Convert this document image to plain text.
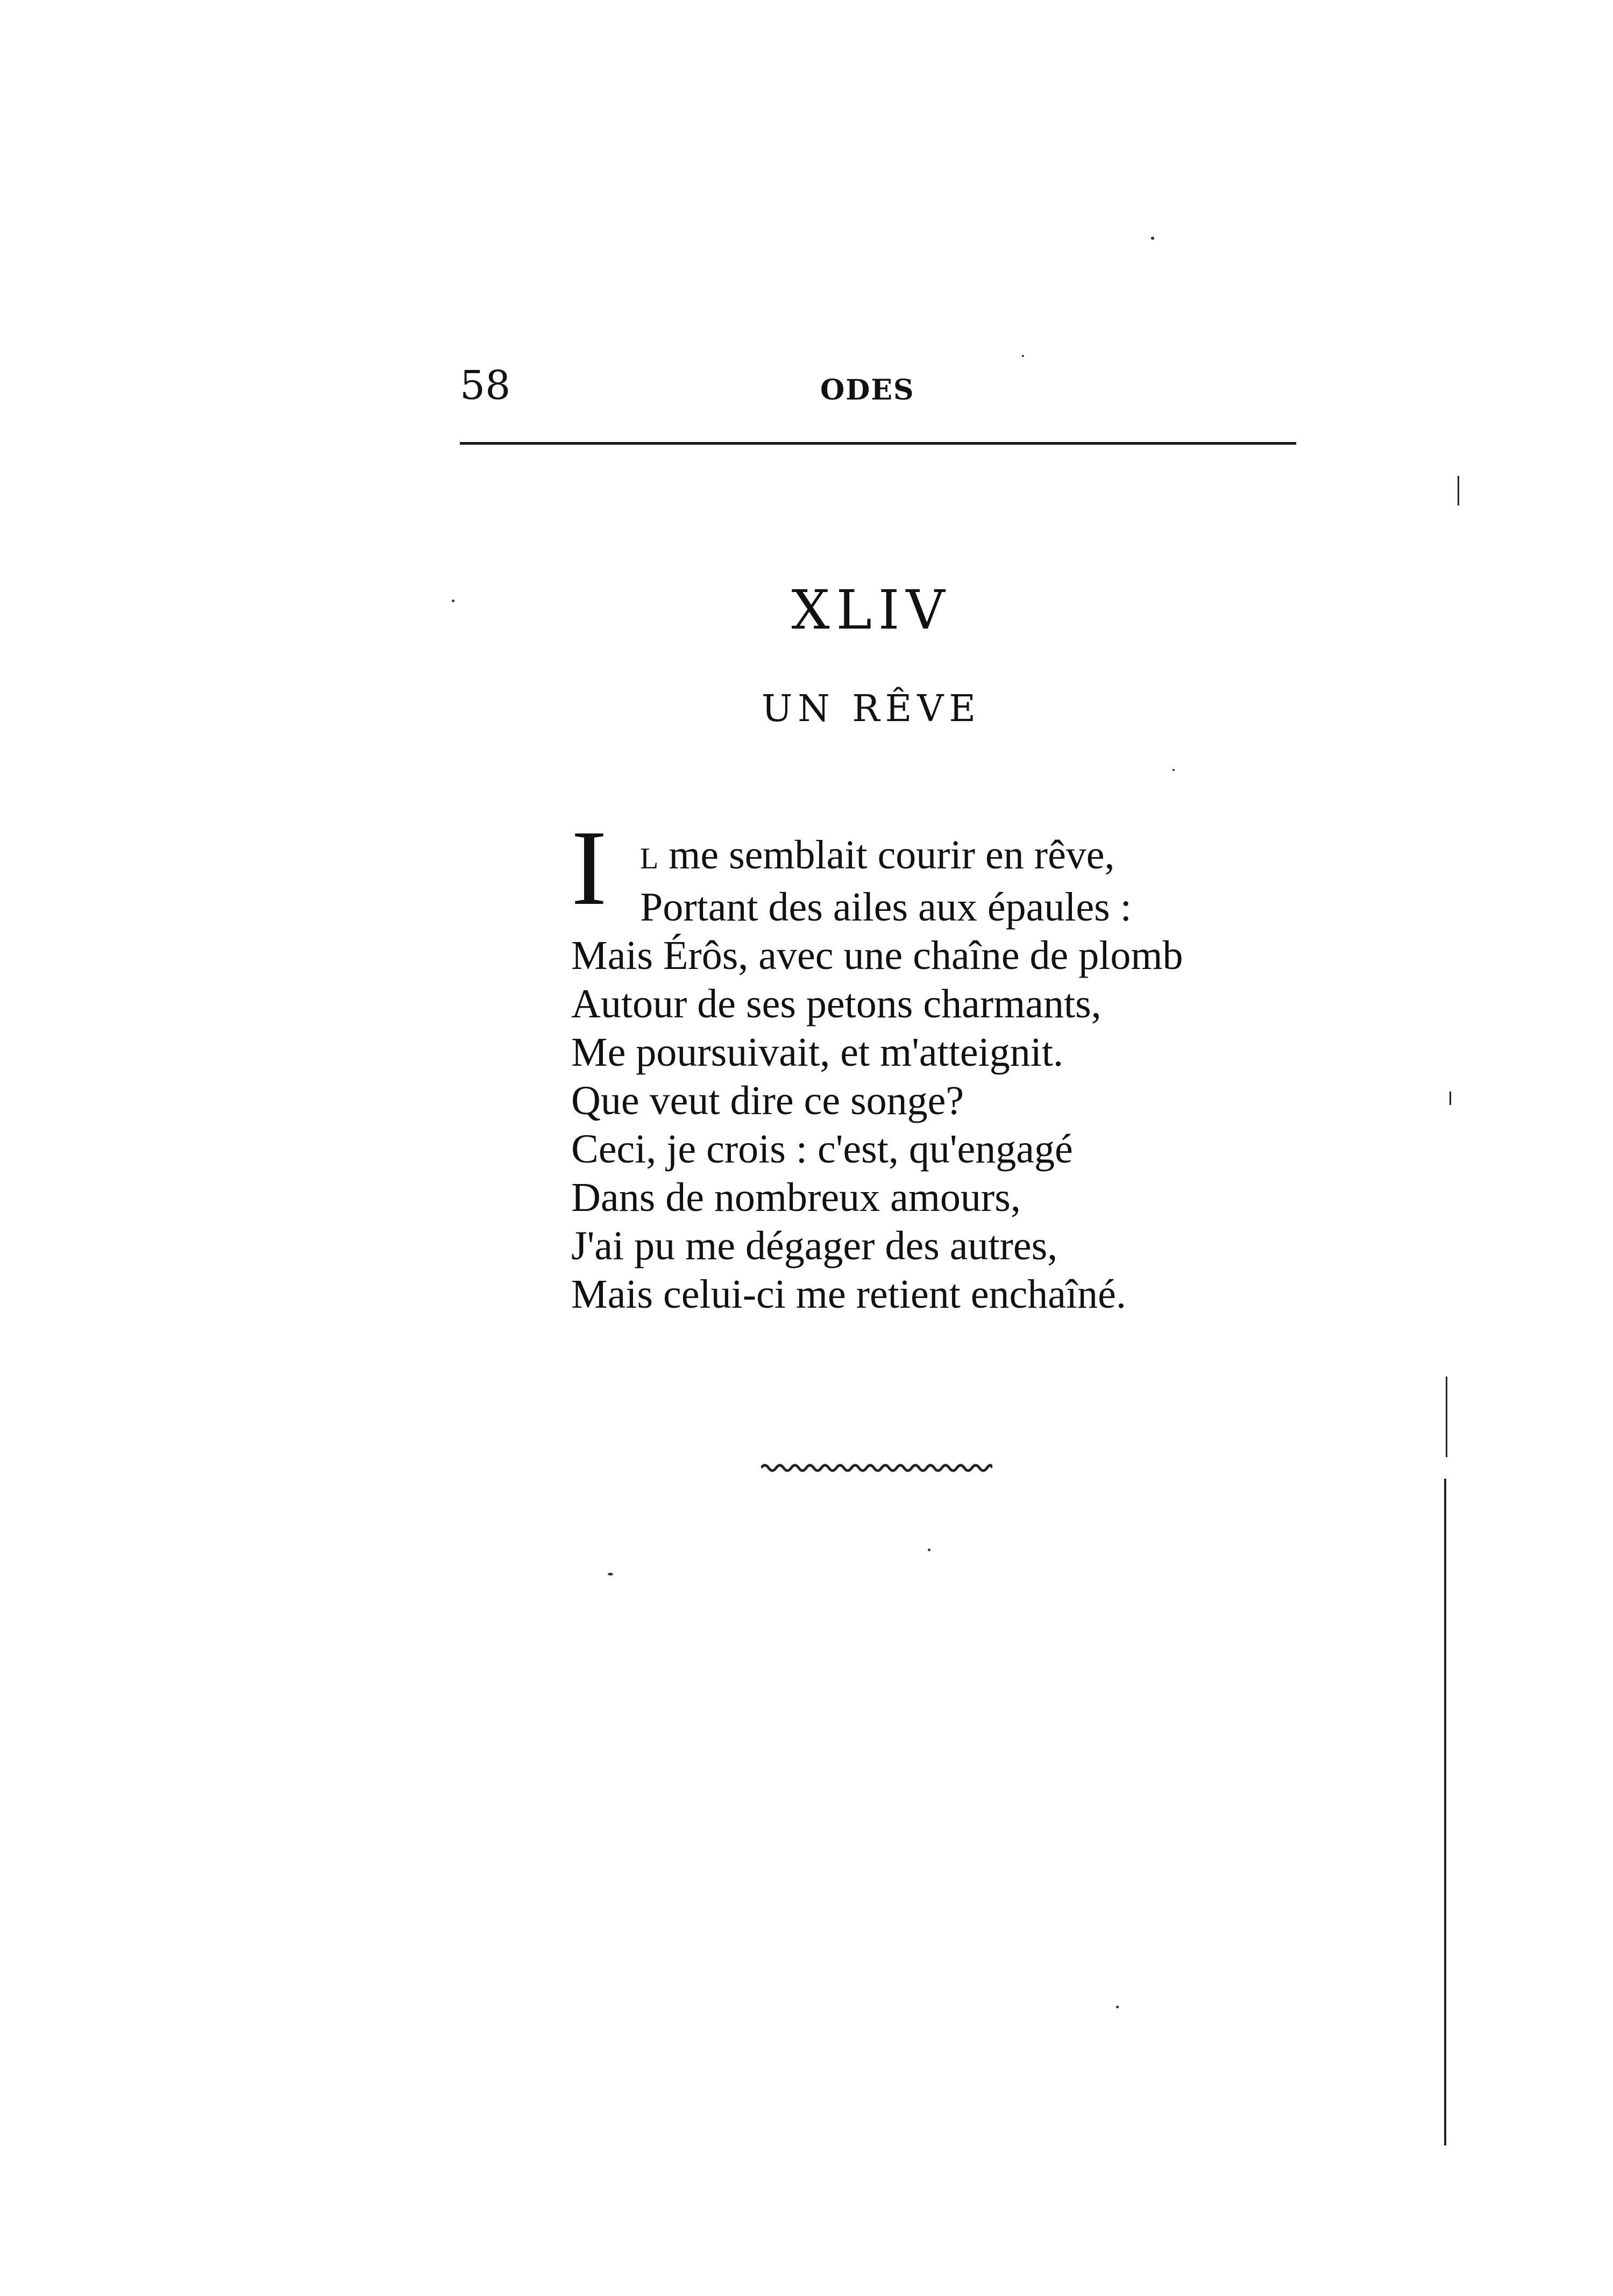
58	ODES
XLIV
UN RÊVE
I	L me semblait courir en rêve,
Portant des ailes aux épaules :
Mais Érôs, avec une chaîne de plomb
Autour de ses petons charmants,
Me poursuivait, et m'atteignit.
Que veut dire ce songe?
Ceci, je crois : c'est, qu'engagé
Dans de nombreux amours,
J'ai pu me dégager des autres,
Mais celui-ci me retient enchaîné.
